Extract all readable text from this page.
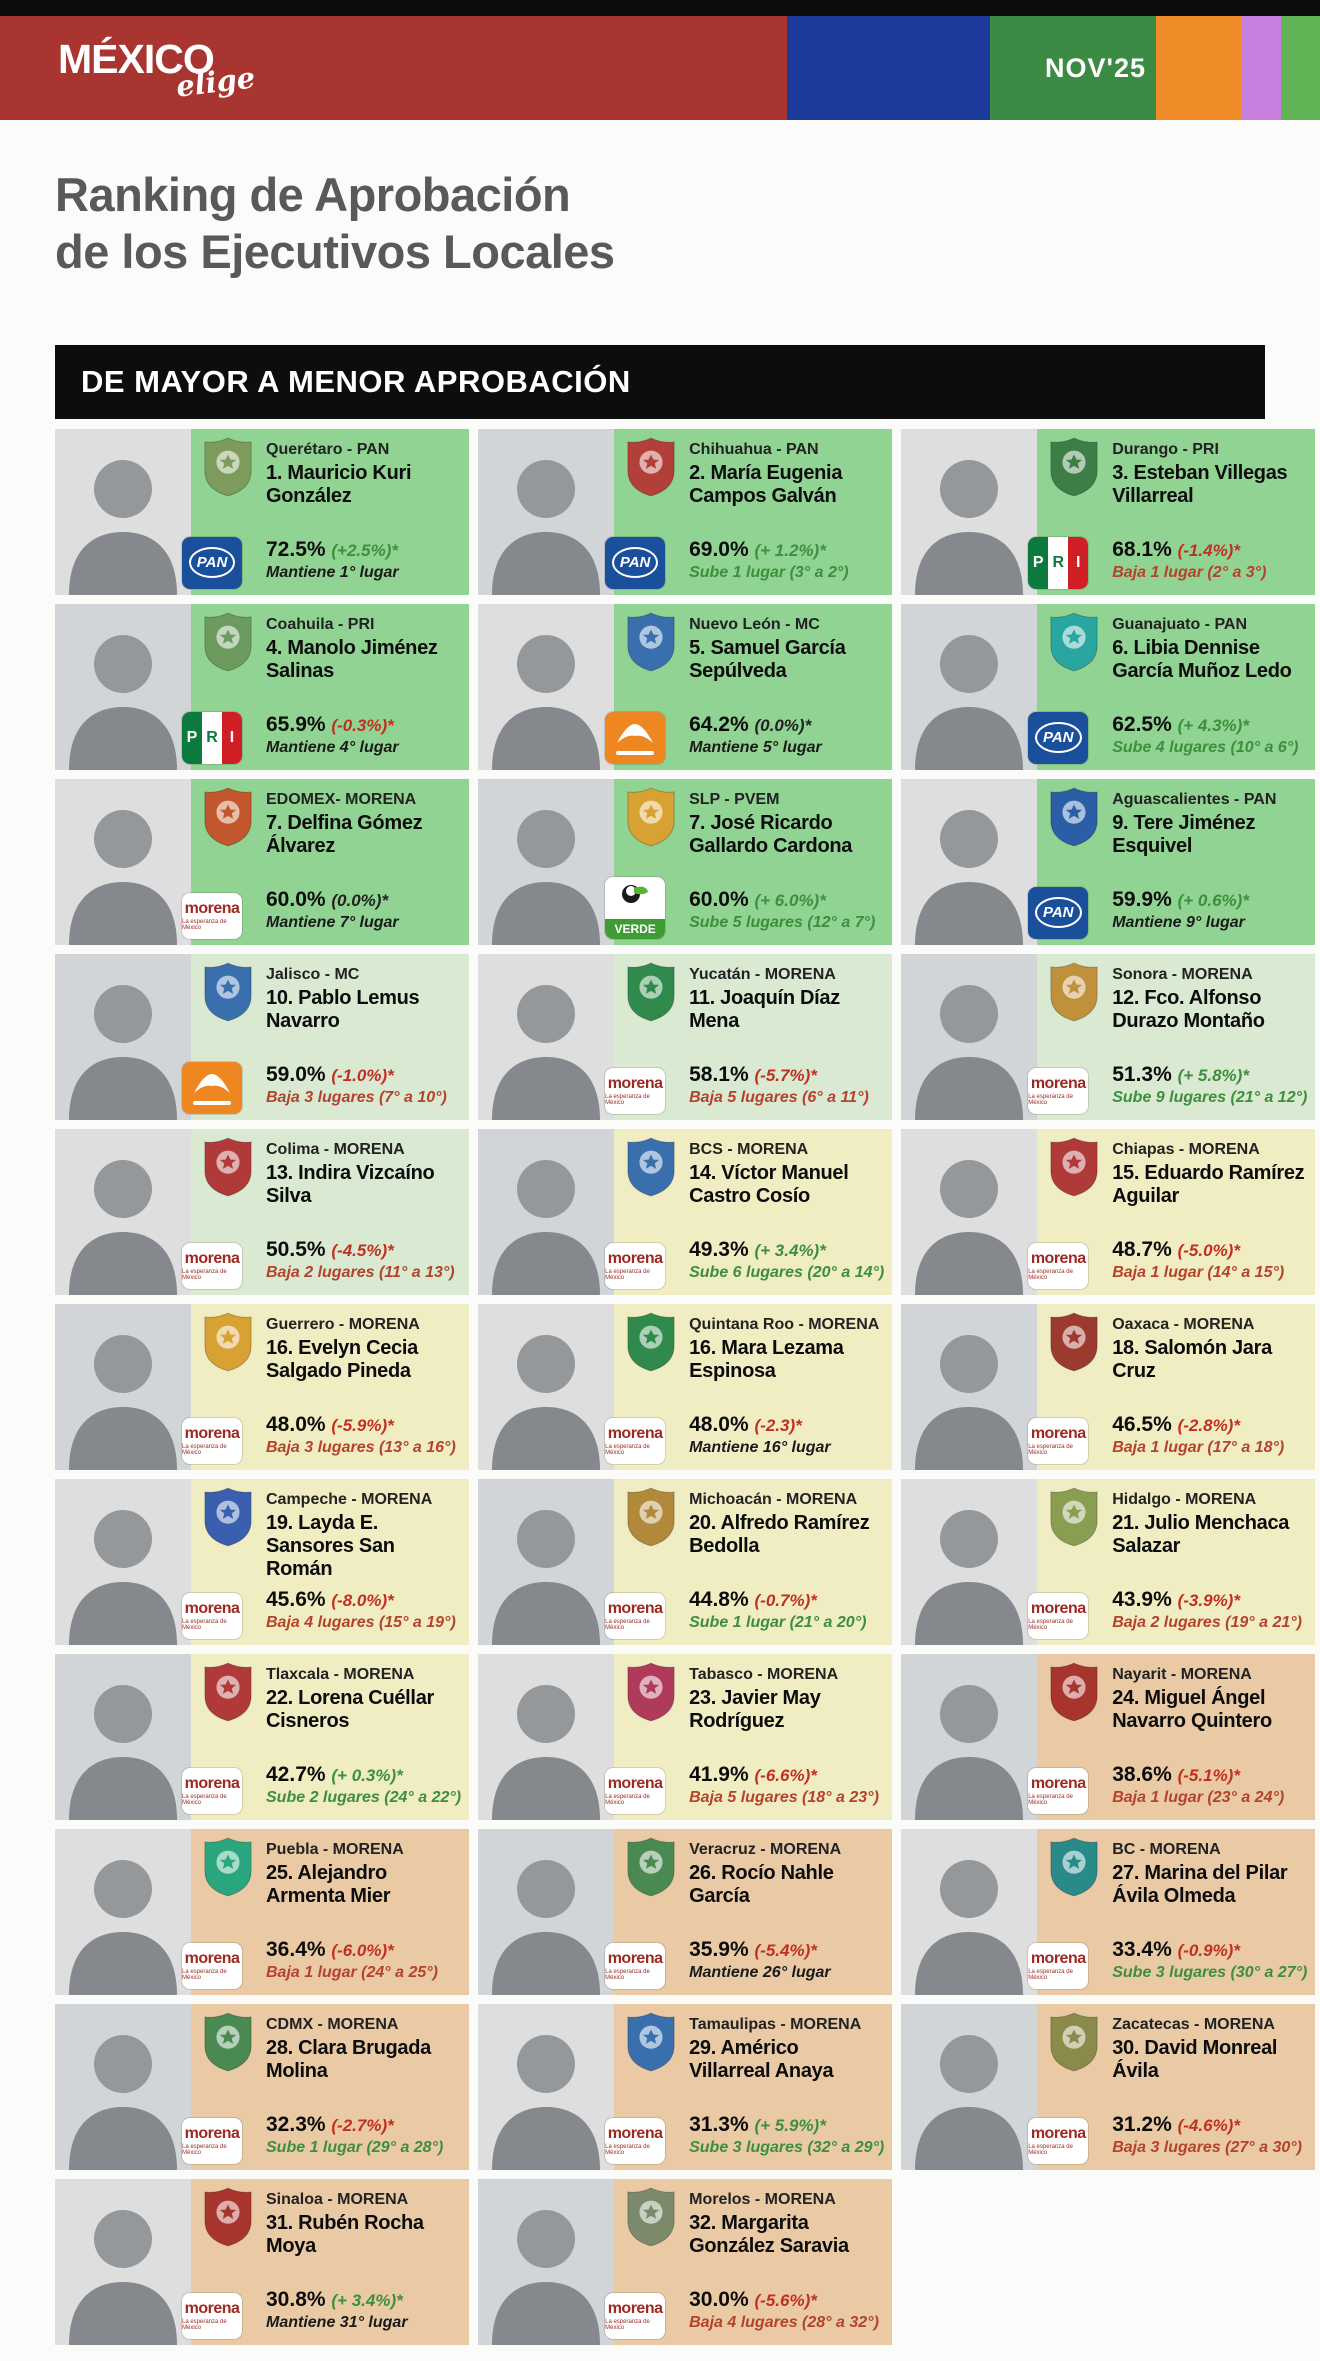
MÉXICO
elige	NOV'25
Ranking de Aprobación
de los Ejecutivos Locales
DE MAYOR A MENOR APROBACIÓN
PAN
Querétaro - PAN
1. Mauricio Kuri González
72.5% (+2.5%)*
Mantiene 1° lugar
PAN
Chihuahua - PAN
2. María Eugenia Campos Galván
69.0% (+ 1.2%)*
Sube 1 lugar (3° a 2°)
P R I
Durango - PRI
3. Esteban Villegas Villarreal
68.1% (-1.4%)*
Baja 1 lugar (2° a 3°)
P R I
Coahuila - PRI
4. Manolo Jiménez Salinas
65.9% (-0.3%)*
Mantiene 4° lugar
Nuevo León - MC
5. Samuel García Sepúlveda
64.2% (0.0%)*
Mantiene 5° lugar
PAN
Guanajuato - PAN
6. Libia Dennise García Muñoz Ledo
62.5% (+ 4.3%)*
Sube 4 lugares (10° a 6°)
morena
La esperanza de México
EDOMEX- MORENA
7. Delfina Gómez Álvarez
60.0% (0.0%)*
Mantiene 7° lugar	VERDE
SLP - PVEM
7. José Ricardo Gallardo Cardona
60.0% (+ 6.0%)*
Sube 5 lugares (12° a 7°)
PAN
Aguascalientes - PAN
9. Tere Jiménez Esquivel
59.9% (+ 0.6%)*
Mantiene 9° lugar
Jalisco - MC
10. Pablo Lemus Navarro
59.0% (-1.0%)*
Baja 3 lugares (7° a 10°)
morena
La esperanza de México
Yucatán - MORENA
11. Joaquín Díaz Mena
58.1% (-5.7%)*
Baja 5 lugares (6° a 11°)
morena
La esperanza de México
Sonora - MORENA
12. Fco. Alfonso Durazo Montaño
51.3% (+ 5.8%)*
Sube 9 lugares (21° a 12°)
morena
La esperanza de México
Colima - MORENA
13. Indira Vizcaíno Silva
50.5% (-4.5%)*
Baja 2 lugares (11° a 13°)
morena
La esperanza de México
BCS - MORENA
14. Víctor Manuel Castro Cosío
49.3% (+ 3.4%)*
Sube 6 lugares (20° a 14°)
morena
La esperanza de México
Chiapas - MORENA
15. Eduardo Ramírez Aguilar
48.7% (-5.0%)*
Baja 1 lugar (14° a 15°)
morena
La esperanza de México
Guerrero - MORENA
16. Evelyn Cecia Salgado Pineda
48.0% (-5.9%)*
Baja 3 lugares (13° a 16°)
morena
La esperanza de México
Quintana Roo - MORENA
16. Mara Lezama Espinosa
48.0% (-2.3)*
Mantiene 16° lugar
morena
La esperanza de México
Oaxaca - MORENA
18. Salomón Jara Cruz
46.5% (-2.8%)*
Baja 1 lugar (17° a 18°)
morena
La esperanza de México
Campeche - MORENA
19. Layda E. Sansores San Román
45.6% (-8.0%)*
Baja 4 lugares (15° a 19°)
morena
La esperanza de México
Michoacán - MORENA
20. Alfredo Ramírez Bedolla
44.8% (-0.7%)*
Sube 1 lugar (21° a 20°)
morena
La esperanza de México
Hidalgo - MORENA
21. Julio Menchaca Salazar
43.9% (-3.9%)*
Baja 2 lugares (19° a 21°)
morena
La esperanza de México
Tlaxcala - MORENA
22. Lorena Cuéllar Cisneros
42.7% (+ 0.3%)*
Sube 2 lugares (24° a 22°)
morena
La esperanza de México
Tabasco - MORENA
23. Javier May Rodríguez
41.9% (-6.6%)*
Baja 5 lugares (18° a 23°)
morena
La esperanza de México
Nayarit - MORENA
24. Miguel Ángel Navarro Quintero
38.6% (-5.1%)*
Baja 1 lugar (23° a 24°)
morena
La esperanza de México
Puebla - MORENA
25. Alejandro Armenta Mier
36.4% (-6.0%)*
Baja 1 lugar (24° a 25°)
morena
La esperanza de México
Veracruz - MORENA
26. Rocío Nahle García
35.9% (-5.4%)*
Mantiene 26° lugar
morena
La esperanza de México
BC - MORENA
27. Marina del Pilar Ávila Olmeda
33.4% (-0.9%)*
Sube 3 lugares (30° a 27°)
morena
La esperanza de México
CDMX - MORENA
28. Clara Brugada Molina
32.3% (-2.7%)*
Sube 1 lugar (29° a 28°)
morena
La esperanza de México
Tamaulipas - MORENA
29. Américo Villarreal Anaya
31.3% (+ 5.9%)*
Sube 3 lugares (32° a 29°)
morena
La esperanza de México
Zacatecas - MORENA
30. David Monreal Ávila
31.2% (-4.6%)*
Baja 3 lugares (27° a 30°)
morena
La esperanza de México
Sinaloa - MORENA
31. Rubén Rocha Moya
30.8% (+ 3.4%)*
Mantiene 31° lugar
morena
La esperanza de México
Morelos - MORENA
32. Margarita González Saravia
30.0% (-5.6%)*
Baja 4 lugares (28° a 32°)
